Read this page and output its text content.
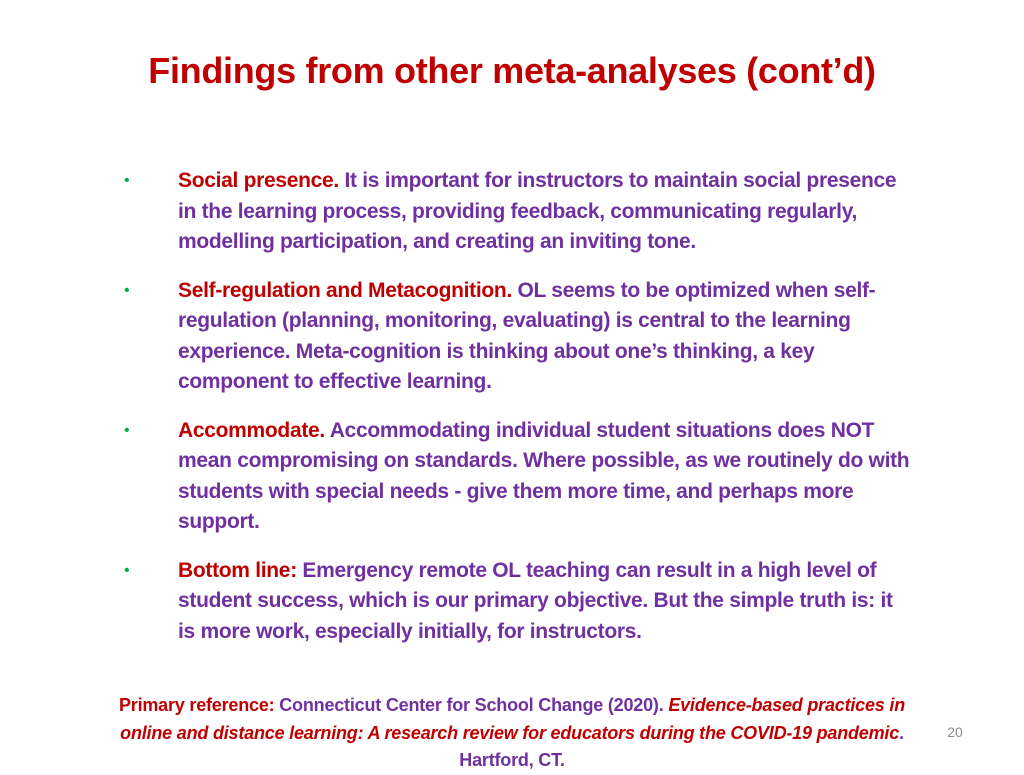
Findings from other meta-analyses (cont’d)
• Social presence. It is important for instructors to maintain social presence in the learning process, providing feedback, communicating regularly, modelling participation, and creating an inviting tone.
• Self-regulation and Metacognition. OL seems to be optimized when self-regulation (planning, monitoring, evaluating) is central to the learning experience. Meta-cognition is thinking about one’s thinking, a key component to effective learning.
• Accommodate. Accommodating individual student situations does NOT mean compromising on standards. Where possible, as we routinely do with students with special needs - give them more time, and perhaps more support.
• Bottom line: Emergency remote OL teaching can result in a high level of student success, which is our primary objective. But the simple truth is: it is more work, especially initially, for instructors.
Primary reference: Connecticut Center for School Change (2020). Evidence-based practices in online and distance learning: A research review for educators during the COVID-19 pandemic. Hartford, CT.
20
